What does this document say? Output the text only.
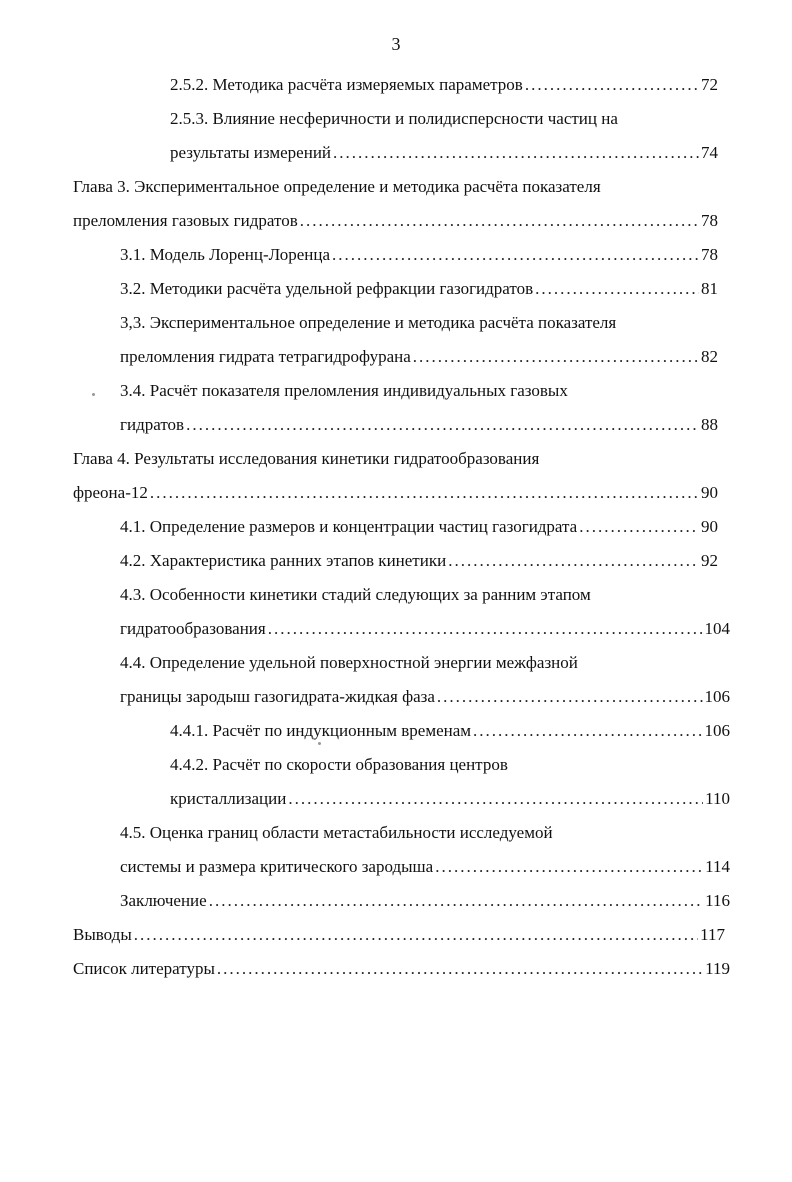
3
2.5.2. Методика расчёта измеряемых параметров .....	72
2.5.3. Влияние несферичности и полидисперсности частиц на
результаты измерений .....	74
Глава 3. Экспериментальное определение и методика расчёта показателя
преломления газовых гидратов .....	78
3.1. Модель Лоренц-Лоренца .....	78
3.2. Методики расчёта удельной рефракции газогидратов .....	81
3,3. Экспериментальное определение и методика расчёта показателя
преломления гидрата тетрагидрофурана .....	82
3.4. Расчёт показателя преломления индивидуальных газовых
гидратов .....	88
Глава 4. Результаты исследования кинетики гидратообразования
фреона-12 .....	90
4.1. Определение размеров и концентрации частиц газогидрата .....	90
4.2. Характеристика ранних этапов кинетики .....	92
4.3. Особенности кинетики стадий следующих за ранним этапом
гидратообразования .....	104
4.4. Определение удельной поверхностной энергии межфазной
границы зародыш газогидрата-жидкая фаза .....	106
4.4.1. Расчёт по индукционным временам .....	106
4.4.2. Расчёт по скорости образования центров
кристаллизации .....	110
4.5. Оценка границ области метастабильности исследуемой
системы и размера критического зародыша .....	114
Заключение .....	116
Выводы .....	117
Список литературы .....	119
